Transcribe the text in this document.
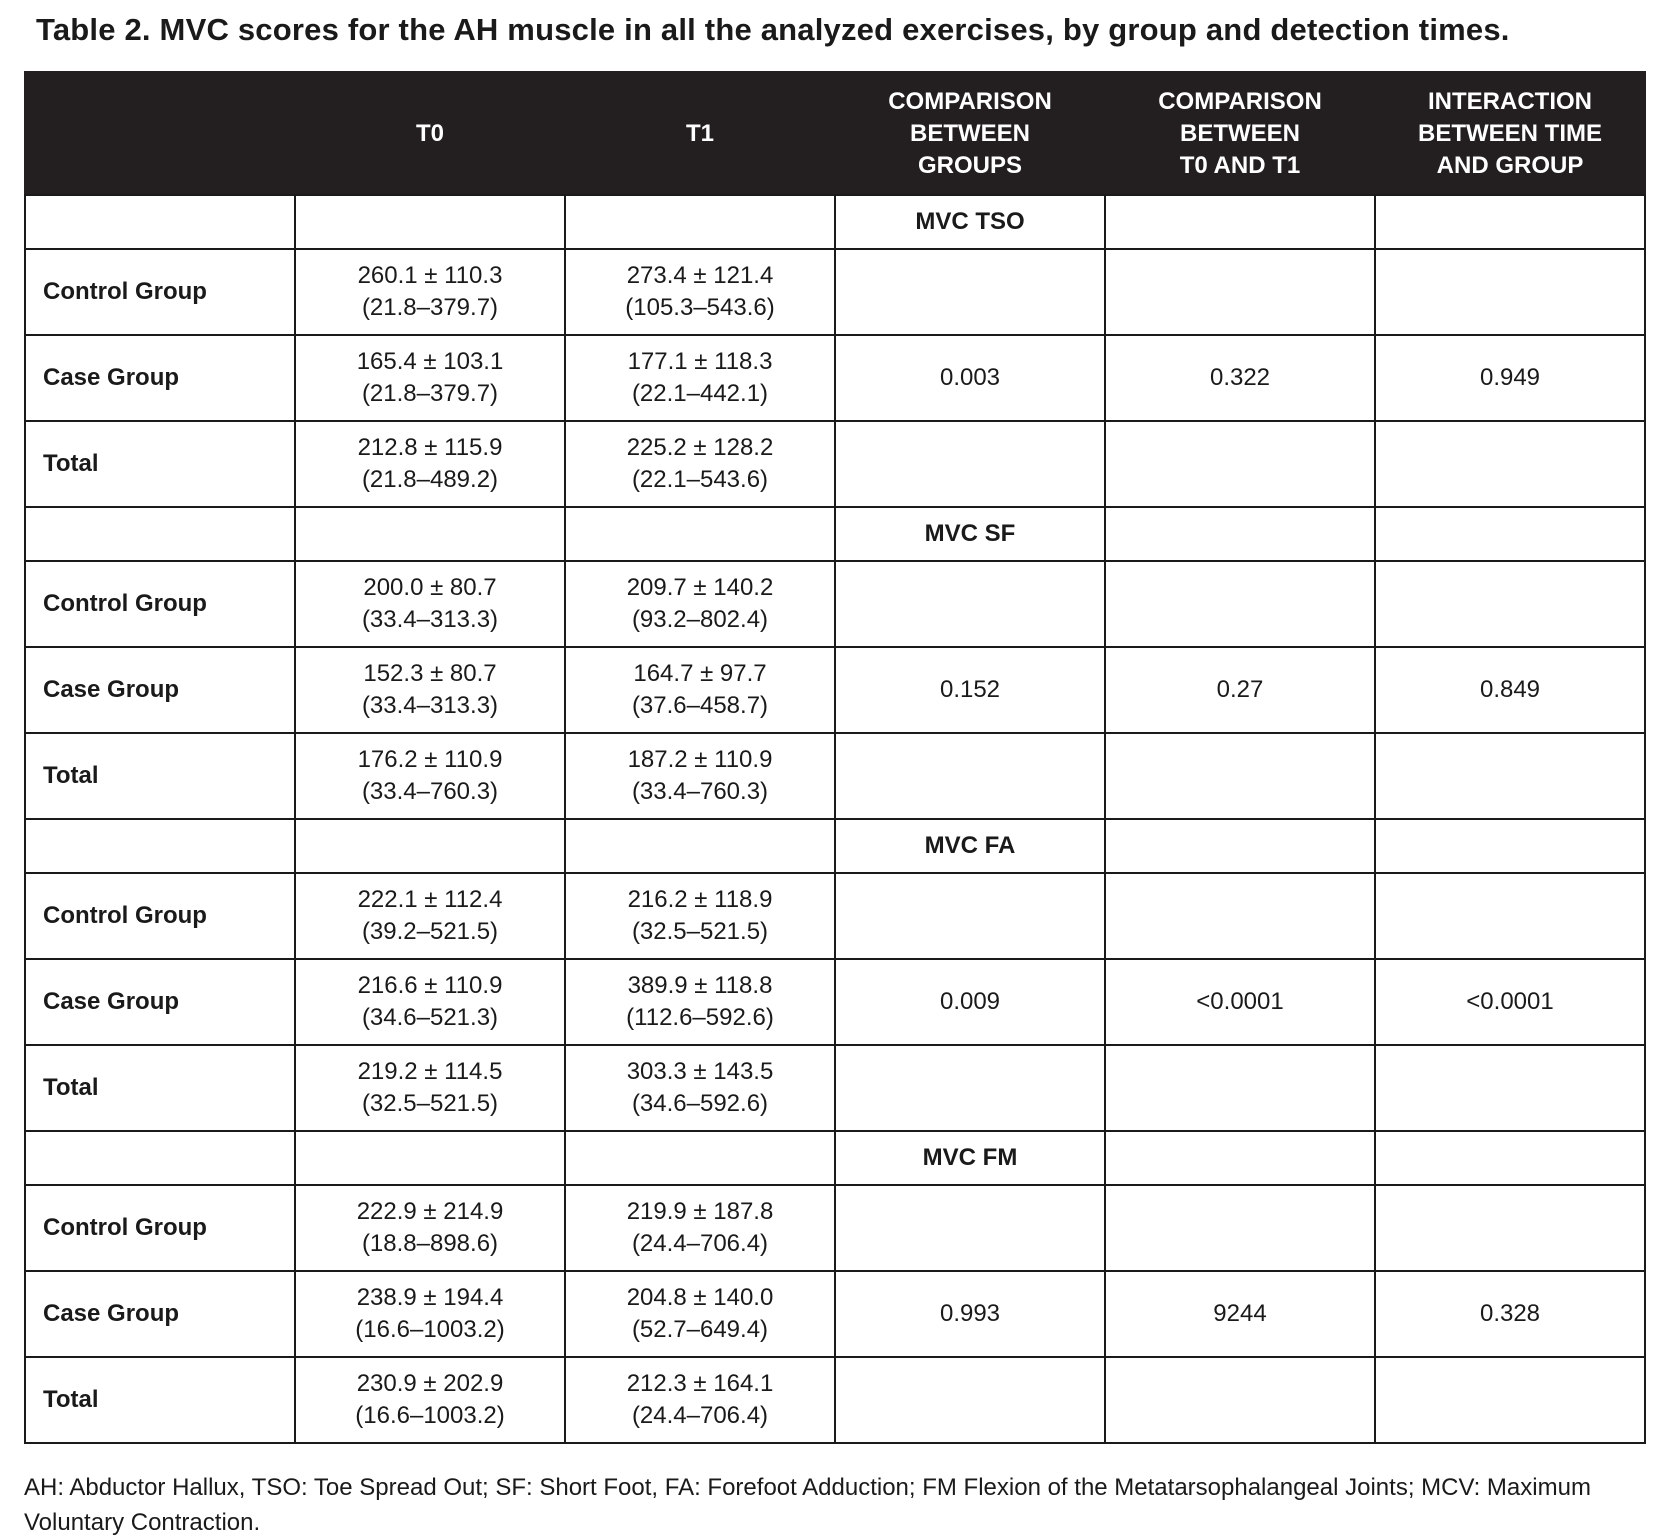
Table 2. MVC scores for the AH muscle in all the analyzed exercises, by group and detection times.
	T0	T1	COMPARISON
BETWEEN
GROUPS	COMPARISON
BETWEEN
T0 AND T1	INTERACTION
BETWEEN TIME
AND GROUP

			MVC TSO		
Control Group	260.1 ± 110.3
(21.8–379.7)	273.4 ± 121.4
(105.3–543.6)			

Case Group	165.4 ± 103.1
(21.8–379.7)	177.1 ± 118.3
(22.1–442.1)	0.003	0.322	0.949
Total	212.8 ± 115.9
(21.8–489.2)	225.2 ± 128.2
(22.1–543.6)			

			MVC SF		
Control Group	200.0 ± 80.7
(33.4–313.3)	209.7 ± 140.2
(93.2–802.4)			

Case Group	152.3 ± 80.7
(33.4–313.3)	164.7 ± 97.7
(37.6–458.7)	0.152	0.27	0.849
Total	176.2 ± 110.9
(33.4–760.3)	187.2 ± 110.9
(33.4–760.3)			

			MVC FA		
Control Group	222.1 ± 112.4
(39.2–521.5)	216.2 ± 118.9
(32.5–521.5)			

Case Group	216.6 ± 110.9
(34.6–521.3)	389.9 ± 118.8
(112.6–592.6)	0.009	<0.0001	<0.0001
Total	219.2 ± 114.5
(32.5–521.5)	303.3 ± 143.5
(34.6–592.6)			

			MVC FM		
Control Group	222.9 ± 214.9
(18.8–898.6)	219.9 ± 187.8
(24.4–706.4)			

Case Group	238.9 ± 194.4
(16.6–1003.2)	204.8 ± 140.0
(52.7–649.4)	0.993	9244	0.328
Total	230.9 ± 202.9
(16.6–1003.2)	212.3 ± 164.1
(24.4–706.4)			

AH: Abductor Hallux, TSO: Toe Spread Out; SF: Short Foot, FA: Forefoot Adduction; FM Flexion of the Metatarsophalangeal Joints; MCV: Maximum Voluntary Contraction.
